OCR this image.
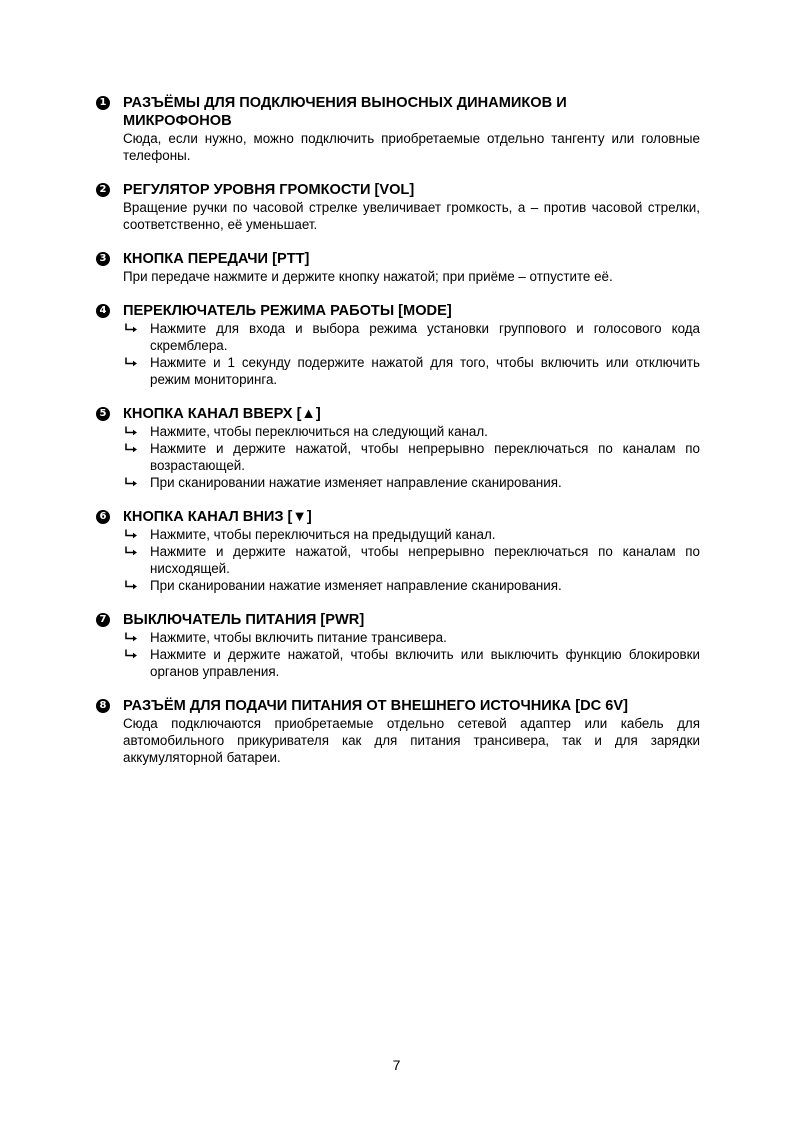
1 РАЗЪЁМЫ ДЛЯ ПОДКЛЮЧЕНИЯ ВЫНОСНЫХ ДИНАМИКОВ И
МИКРОФОНОВ
Сюда, если нужно, можно подключить приобретаемые отдельно тангенту или головные телефоны.
2 РЕГУЛЯТОР УРОВНЯ ГРОМКОСТИ [VOL]
Вращение ручки по часовой стрелке увеличивает громкость, а – против часовой стрелки, соответственно, её уменьшает.
3 КНОПКА ПЕРЕДАЧИ [PTT]
При передаче нажмите и держите кнопку нажатой; при приёме – отпустите её.
4 ПЕРЕКЛЮЧАТЕЛЬ РЕЖИМА РАБОТЫ [MODE]
Нажмите для входа и выбора режима установки группового и голосового кода скремблера.
Нажмите и 1 секунду подержите нажатой для того, чтобы включить или отключить режим мониторинга.
5 КНОПКА КАНАЛ ВВЕРХ [▲]
Нажмите, чтобы переключиться на следующий канал.
Нажмите и держите нажатой, чтобы непрерывно переключаться по каналам по возрастающей.
При сканировании нажатие изменяет направление сканирования.
6 КНОПКА КАНАЛ ВНИЗ [▼]
Нажмите, чтобы переключиться на предыдущий канал.
Нажмите и держите нажатой, чтобы непрерывно переключаться по каналам по нисходящей.
При сканировании нажатие изменяет направление сканирования.
7 ВЫКЛЮЧАТЕЛЬ ПИТАНИЯ [PWR]
Нажмите, чтобы включить питание трансивера.
Нажмите и держите нажатой, чтобы включить или выключить функцию блокировки органов управления.
8 РАЗЪЁМ ДЛЯ ПОДАЧИ ПИТАНИЯ ОТ ВНЕШНЕГО ИСТОЧНИКА [DC 6V]
Сюда подключаются приобретаемые отдельно сетевой адаптер или кабель для автомобильного прикуривателя как для питания трансивера, так и для зарядки аккумуляторной батареи.
7
